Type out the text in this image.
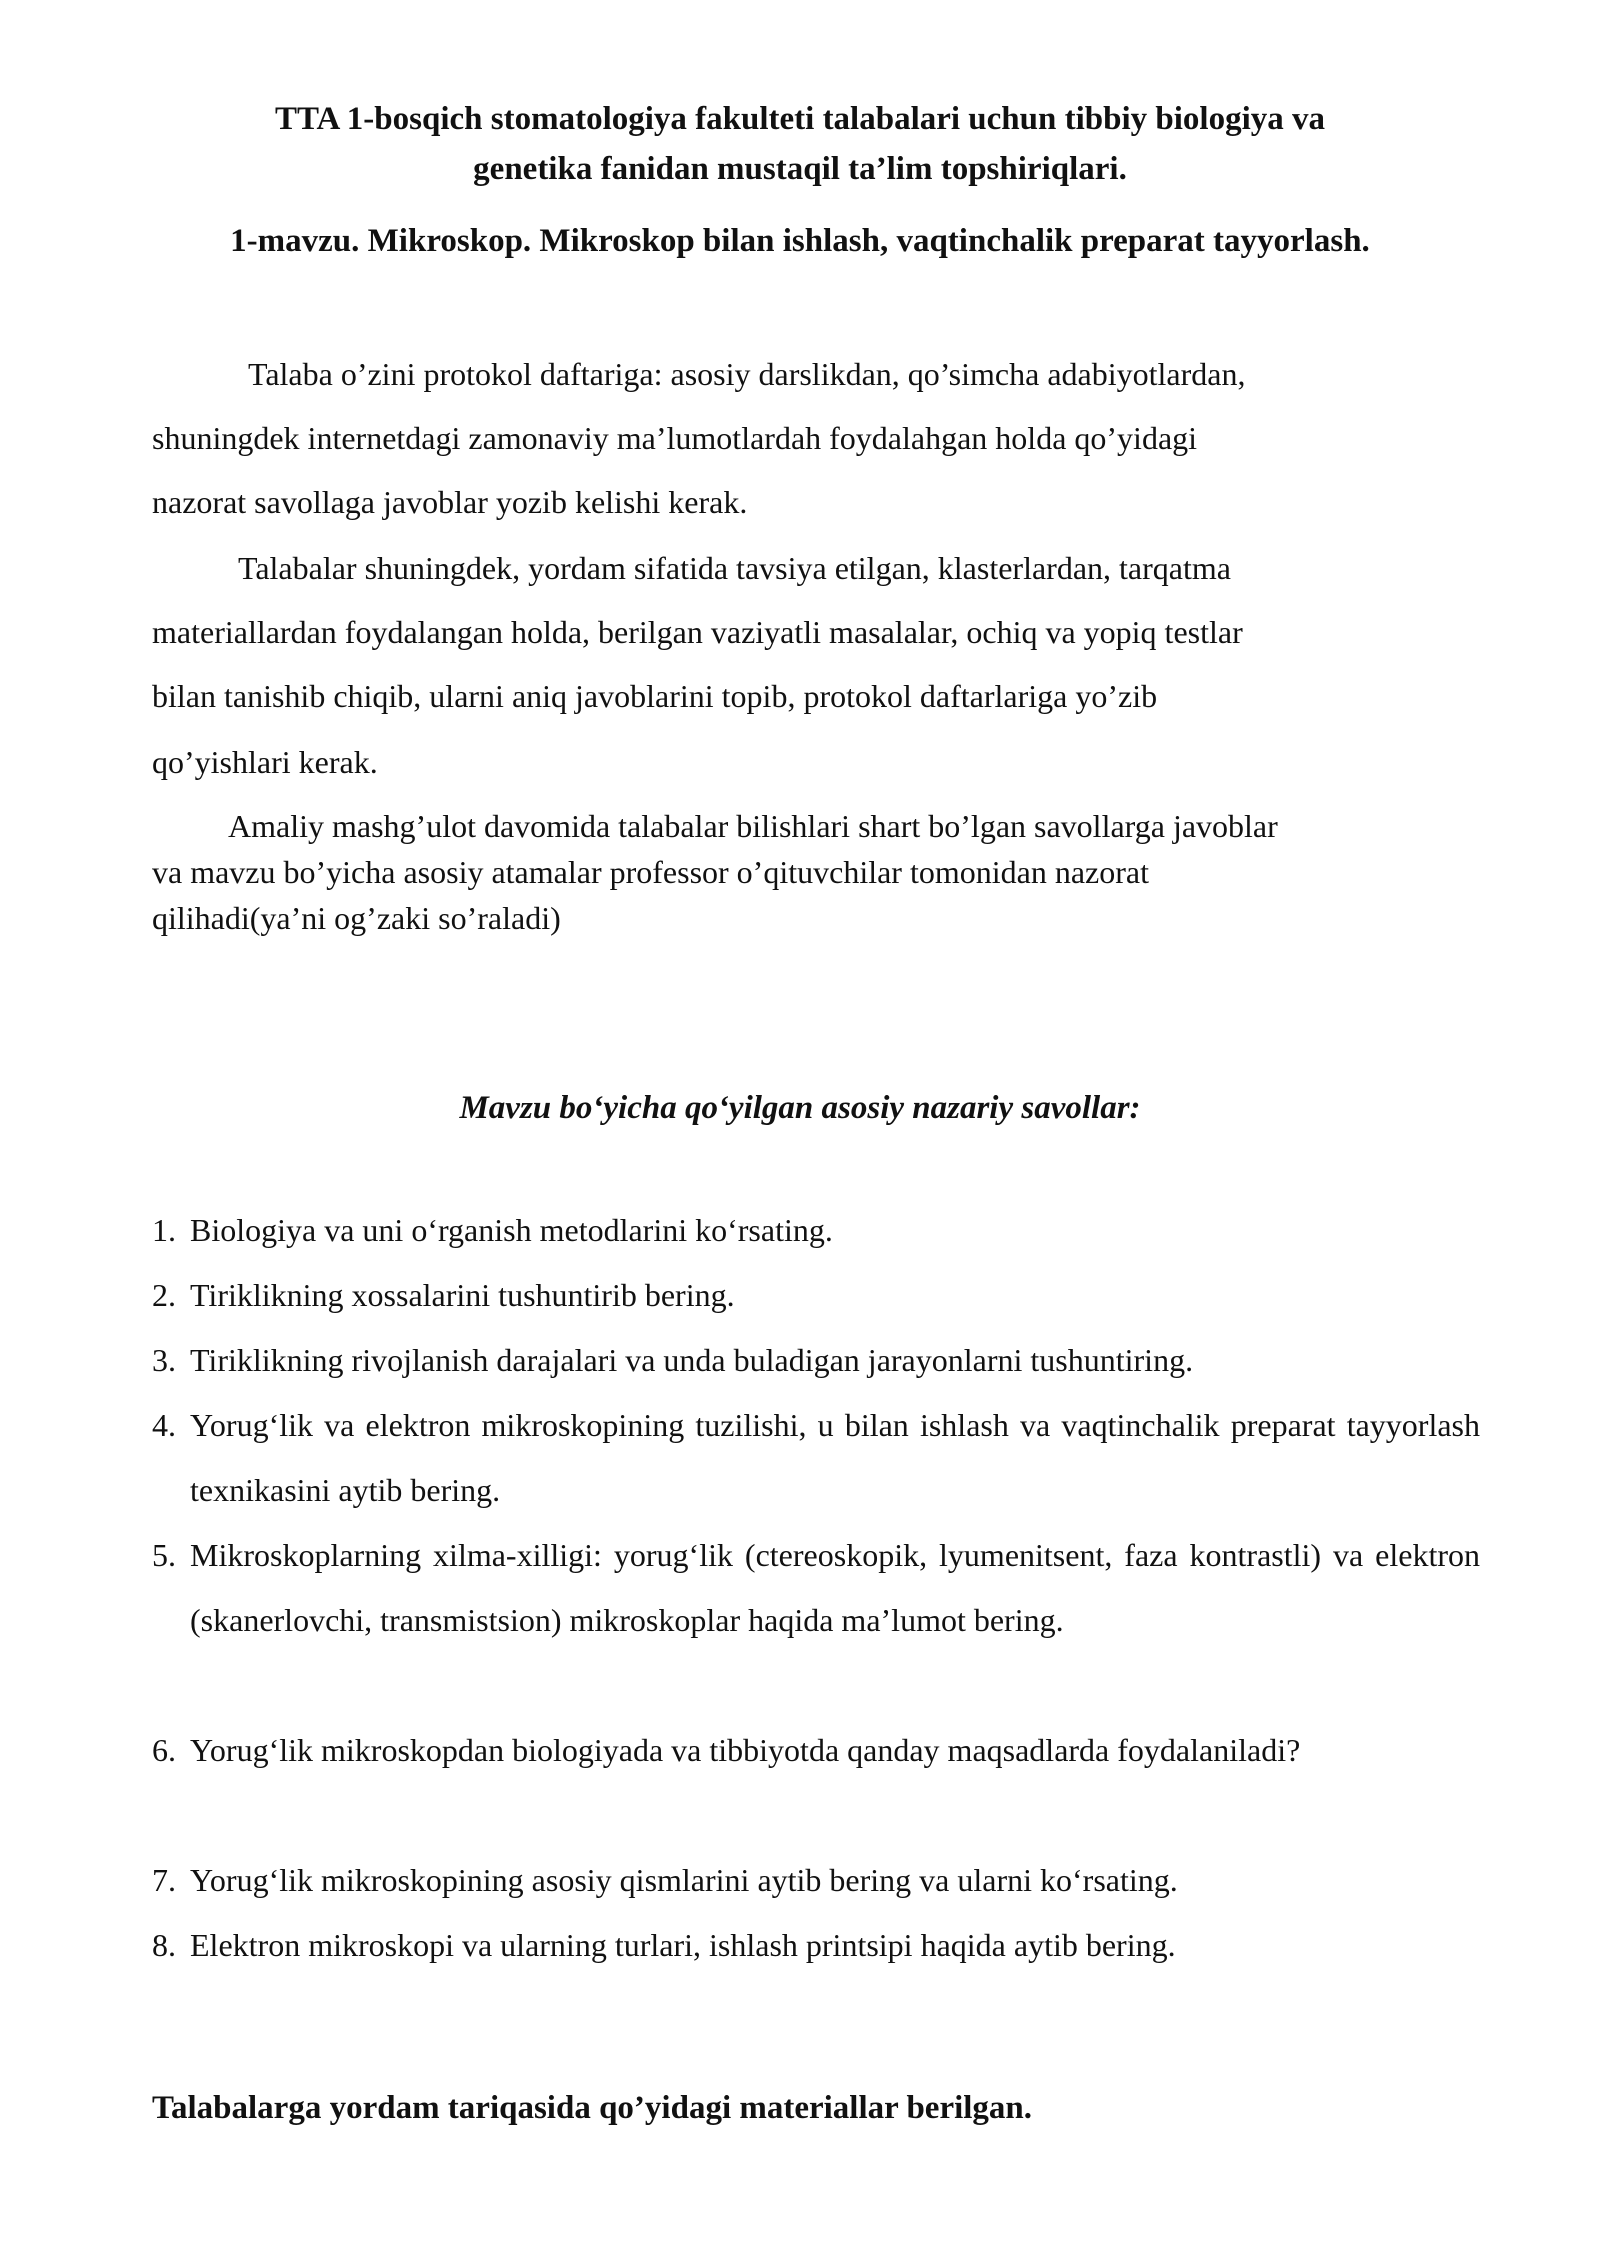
TTA 1-bosqich stomatologiya fakulteti talabalari uchun tibbiy biologiya va

genetika fanidan mustaqil ta’lim topshiriqlari.

1-mavzu. Mikroskop. Mikroskop bilan ishlash, vaqtinchalik preparat tayyorlash.

Talaba o’zini protokol daftariga: asosiy darslikdan, qo’simcha adabiyotlardan,
shuningdek internetdagi zamonaviy ma’lumotlardah foydalahgan holda qo’yidagi
nazorat savollaga javoblar yozib kelishi kerak.
Talabalar shuningdek, yordam sifatida tavsiya etilgan, klasterlardan, tarqatma
materiallardan foydalangan holda, berilgan vaziyatli masalalar, ochiq va yopiq testlar
bilan tanishib chiqib, ularni aniq javoblarini topib, protokol daftarlariga yo’zib
qo’yishlari kerak.
Amaliy mashg’ulot davomida talabalar bilishlari shart bo’lgan savollarga javoblar
va mavzu bo’yicha asosiy atamalar professor o’qituvchilar tomonidan nazorat
qilihadi(ya’ni og’zaki so’raladi)

Mavzu bo‘yicha qo‘yilgan asosiy nazariy savollar:

1. Biologiya va uni o‘rganish metodlarini ko‘rsating.
2. Tiriklikning xossalarini tushuntirib bering.
3. Tiriklikning rivojlanish darajalari va unda buladigan jarayonlarni tushuntiring.
4. Yorug‘lik va elektron mikroskopining tuzilishi, u bilan ishlash va vaqtinchalik preparat tayyorlash texnikasini aytib bering.
5. Mikroskoplarning xilma-xilligi: yorug‘lik (ctereoskopik, lyumenitsent, faza kontrastli) va elektron (skanerlovchi, transmistsion) mikroskoplar haqida ma’lumot bering.
6. Yorug‘lik mikroskopdan biologiyada va tibbiyotda qanday maqsadlarda foydalaniladi?
7. Yorug‘lik mikroskopining asosiy qismlarini aytib bering va ularni ko‘rsating.
8. Elektron mikroskopi va ularning turlari, ishlash printsipi haqida aytib bering.

Talabalarga yordam tariqasida qo’yidagi materiallar berilgan.
